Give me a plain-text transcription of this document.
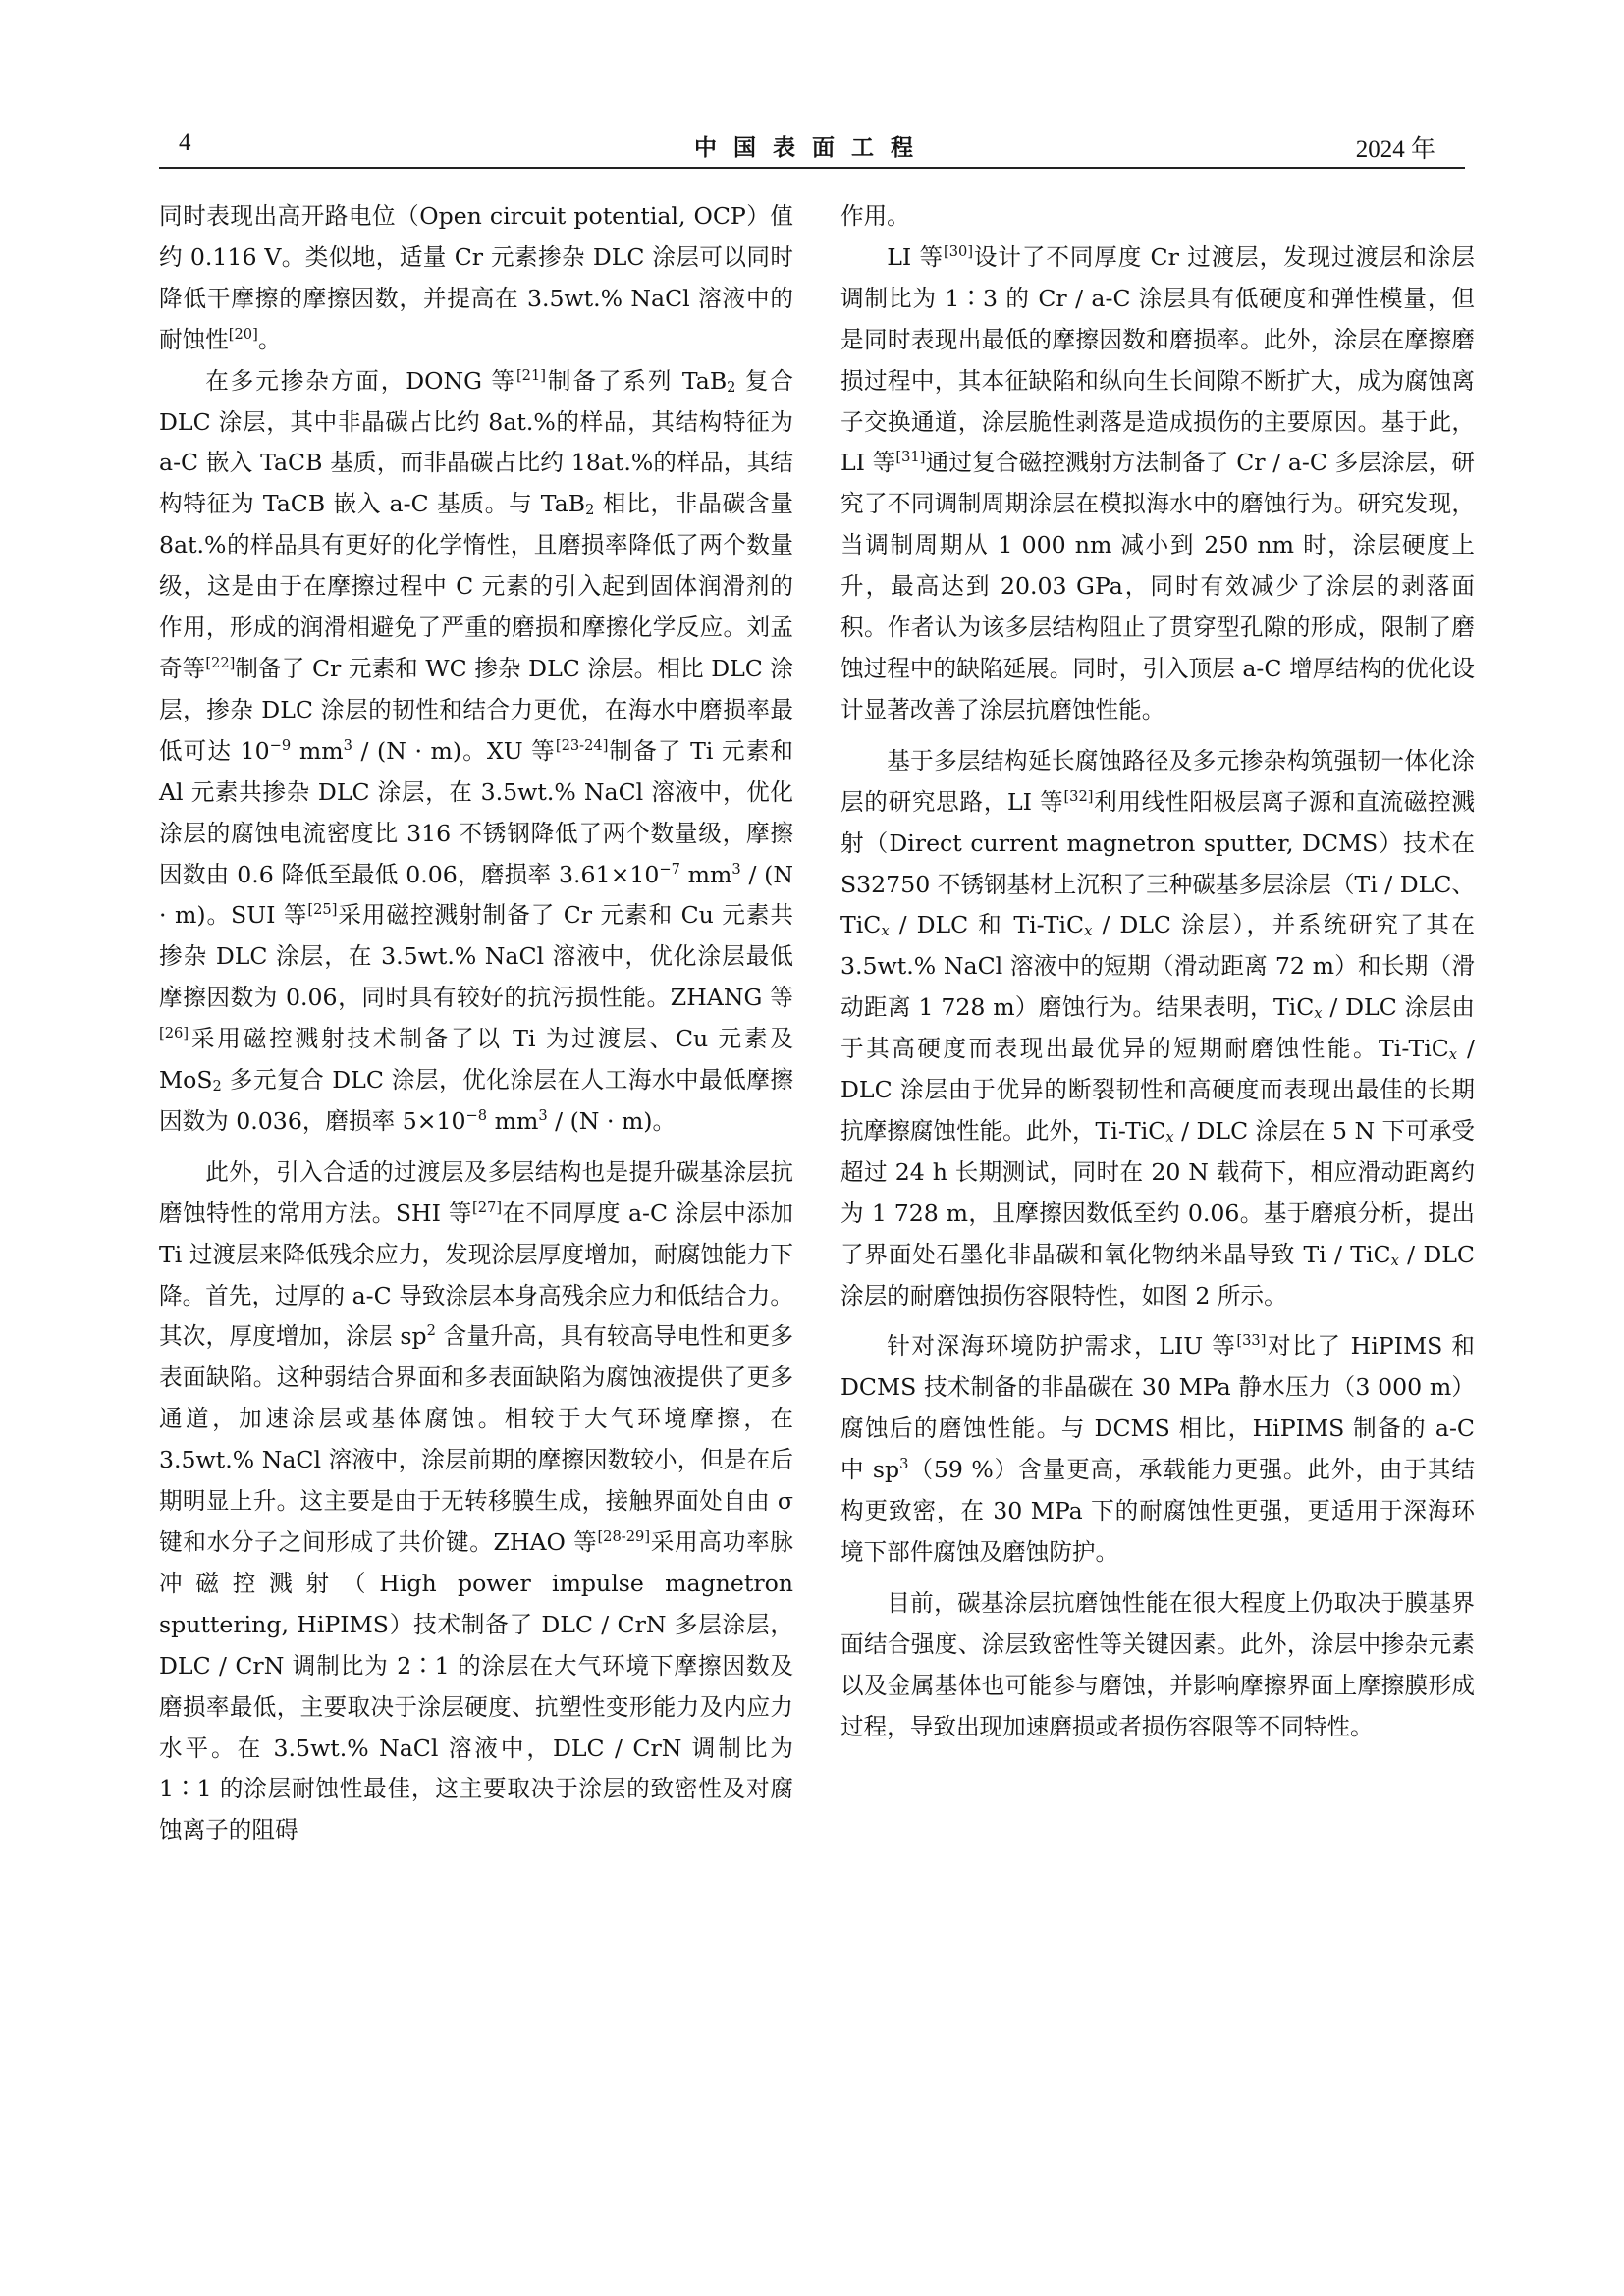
4	中国表面工程	2024 年

同时表现出高开路电位（Open circuit potential, OCP）值约 0.116 V。类似地，适量 Cr 元素掺杂 DLC 涂层可以同时降低干摩擦的摩擦因数，并提高在 3.5wt.% NaCl 溶液中的耐蚀性[20]。

在多元掺杂方面，DONG 等[21]制备了系列 TaB$_2$ 复合 DLC 涂层，其中非晶碳占比约 8at.%的样品，其结构特征为 a-C 嵌入 TaCB 基质，而非晶碳占比约 18at.%的样品，其结构特征为 TaCB 嵌入 a-C 基质。与 TaB$_2$ 相比，非晶碳含量 8at.%的样品具有更好的化学惰性，且磨损率降低了两个数量级，这是由于在摩擦过程中 C 元素的引入起到固体润滑剂的作用，形成的润滑相避免了严重的磨损和摩擦化学反应。刘孟奇等[22]制备了 Cr 元素和 WC 掺杂 DLC 涂层。相比 DLC 涂层，掺杂 DLC 涂层的韧性和结合力更优，在海水中磨损率最低可达 $10^{-9}$ $mm^3 / (N \cdot m)$。XU 等[23-24]制备了 Ti 元素和 Al 元素共掺杂 DLC 涂层，在 3.5wt.% NaCl 溶液中，优化涂层的腐蚀电流密度比 316 不锈钢降低了两个数量级，摩擦因数由 0.6 降低至最低 0.06，磨损率 $3.61\times 10^{-7}$ $mm^3 / (N \cdot m)$。SUI 等[25]采用磁控溅射制备了 Cr 元素和 Cu 元素共掺杂 DLC 涂层，在 3.5wt.% NaCl 溶液中，优化涂层最低摩擦因数为 0.06，同时具有较好的抗污损性能。ZHANG 等[26]采用磁控溅射技术制备了以 Ti 为过渡层、Cu 元素及 MoS$_2$ 多元复合 DLC 涂层，优化涂层在人工海水中最低摩擦因数为 0.036，磨损率 $5\times 10^{-8}$ $mm^3 / (N \cdot m)$。

此外，引入合适的过渡层及多层结构也是提升碳基涂层抗磨蚀特性的常用方法。SHI 等[27]在不同厚度 a-C 涂层中添加 Ti 过渡层来降低残余应力，发现涂层厚度增加，耐腐蚀能力下降。首先，过厚的 a-C 导致涂层本身高残余应力和低结合力。其次，厚度增加，涂层 $sp^2$ 含量升高，具有较高导电性和更多表面缺陷。这种弱结合界面和多表面缺陷为腐蚀液提供了更多通道，加速涂层或基体腐蚀。相较于大气环境摩擦，在 3.5wt.% NaCl 溶液中，涂层前期的摩擦因数较小，但是在后期明显上升。这主要是由于无转移膜生成，接触界面处自由 σ 键和水分子之间形成了共价键。ZHAO 等[28-29]采用高功率脉冲磁控溅射（High power impulse magnetron sputtering, HiPIMS）技术制备了 DLC / CrN 多层涂层，DLC / CrN 调制比为 2∶1 的涂层在大气环境下摩擦因数及磨损率最低，主要取决于涂层硬度、抗塑性变形能力及内应力水平。在 3.5wt.% NaCl 溶液中，DLC / CrN 调制比为 1∶1 的涂层耐蚀性最佳，这主要取决于涂层的致密性及对腐蚀离子的阻碍

作用。

LI 等[30]设计了不同厚度 Cr 过渡层，发现过渡层和涂层调制比为 1∶3 的 Cr / a-C 涂层具有低硬度和弹性模量，但是同时表现出最低的摩擦因数和磨损率。此外，涂层在摩擦磨损过程中，其本征缺陷和纵向生长间隙不断扩大，成为腐蚀离子交换通道，涂层脆性剥落是造成损伤的主要原因。基于此，LI 等[31]通过复合磁控溅射方法制备了 Cr / a-C 多层涂层，研究了不同调制周期涂层在模拟海水中的磨蚀行为。研究发现，当调制周期从 1 000 nm 减小到 250 nm 时，涂层硬度上升，最高达到 20.03 GPa，同时有效减少了涂层的剥落面积。作者认为该多层结构阻止了贯穿型孔隙的形成，限制了磨蚀过程中的缺陷延展。同时，引入顶层 a-C 增厚结构的优化设计显著改善了涂层抗磨蚀性能。

基于多层结构延长腐蚀路径及多元掺杂构筑强韧一体化涂层的研究思路，LI 等[32]利用线性阳极层离子源和直流磁控溅射（Direct current magnetron sputter, DCMS）技术在 S32750 不锈钢基材上沉积了三种碳基多层涂层（Ti / DLC、TiC$_x$ / DLC 和 Ti-TiC$_x$ / DLC 涂层），并系统研究了其在 3.5wt.% NaCl 溶液中的短期（滑动距离 72 m）和长期（滑动距离 1 728 m）磨蚀行为。结果表明，TiC$_x$ / DLC 涂层由于其高硬度而表现出最优异的短期耐磨蚀性能。Ti-TiC$_x$ / DLC 涂层由于优异的断裂韧性和高硬度而表现出最佳的长期抗摩擦腐蚀性能。此外，Ti-TiC$_x$ / DLC 涂层在 5 N 下可承受超过 24 h 长期测试，同时在 20 N 载荷下，相应滑动距离约为 1 728 m，且摩擦因数低至约 0.06。基于磨痕分析，提出了界面处石墨化非晶碳和氧化物纳米晶导致 Ti / TiC$_x$ / DLC 涂层的耐磨蚀损伤容限特性，如图 2 所示。

针对深海环境防护需求，LIU 等[33]对比了 HiPIMS 和 DCMS 技术制备的非晶碳在 30 MPa 静水压力（3 000 m）腐蚀后的磨蚀性能。与 DCMS 相比，HiPIMS 制备的 a-C 中 $sp^3(59$ %）含量更高，承载能力更强。此外，由于其结构更致密，在 30 MPa 下的耐腐蚀性更强，更适用于深海环境下部件腐蚀及磨蚀防护。

目前，碳基涂层抗磨蚀性能在很大程度上仍取决于膜基界面结合强度、涂层致密性等关键因素。此外，涂层中掺杂元素以及金属基体也可能参与磨蚀，并影响摩擦界面上摩擦膜形成过程，导致出现加速磨损或者损伤容限等不同特性。
